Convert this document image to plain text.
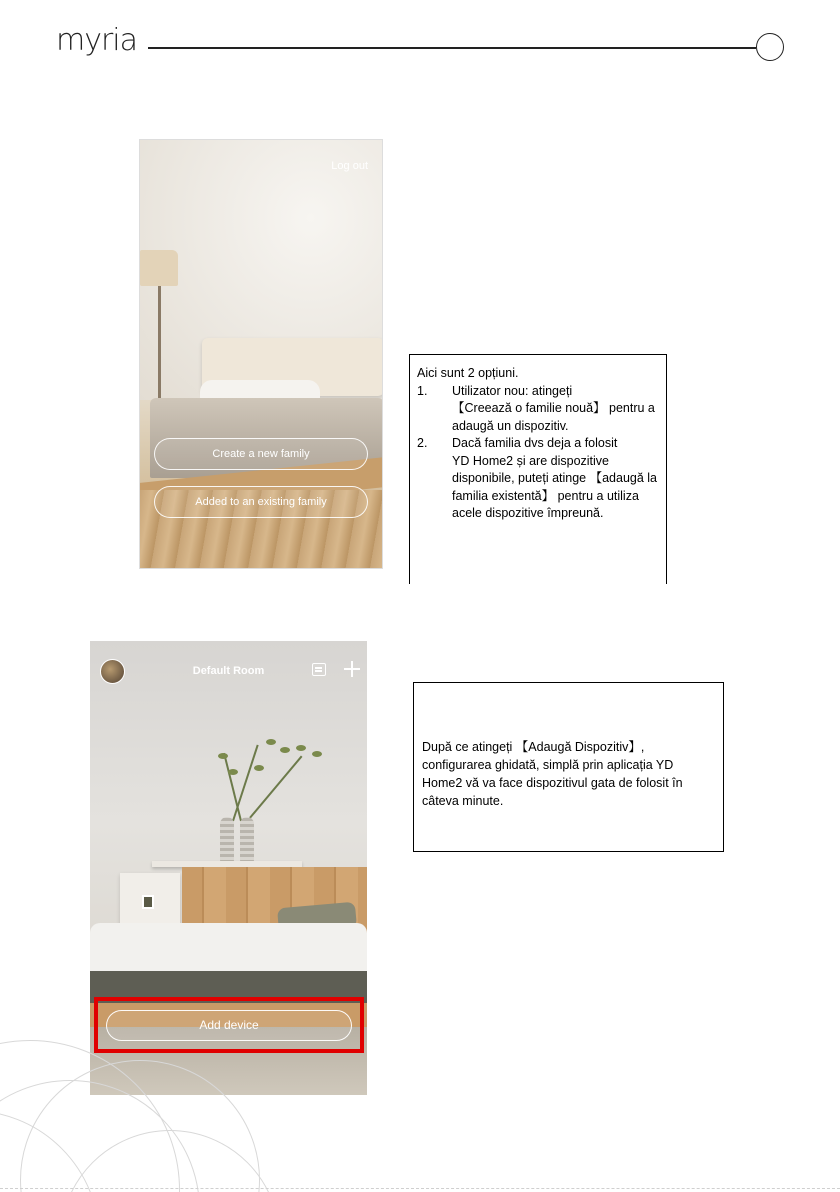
myria
Log out
Create a new family
Added to an existing family
Aici sunt 2 opțiuni.
1. Utilizator nou: atingeți
【Creează o familie nouă】 pentru a adaugă un dispozitiv.
2. Dacă familia dvs deja a folosit
YD Home2 și are dispozitive disponibile, puteți atinge 【adaugă la familia existentă】 pentru a utiliza acele dispozitive împreună.
Default Room
Add device
După ce atingeți 【Adaugă Dispozitiv】, configurarea ghidată, simplă prin aplicația YD Home2 vă va face dispozitivul gata de folosit în câteva minute.
